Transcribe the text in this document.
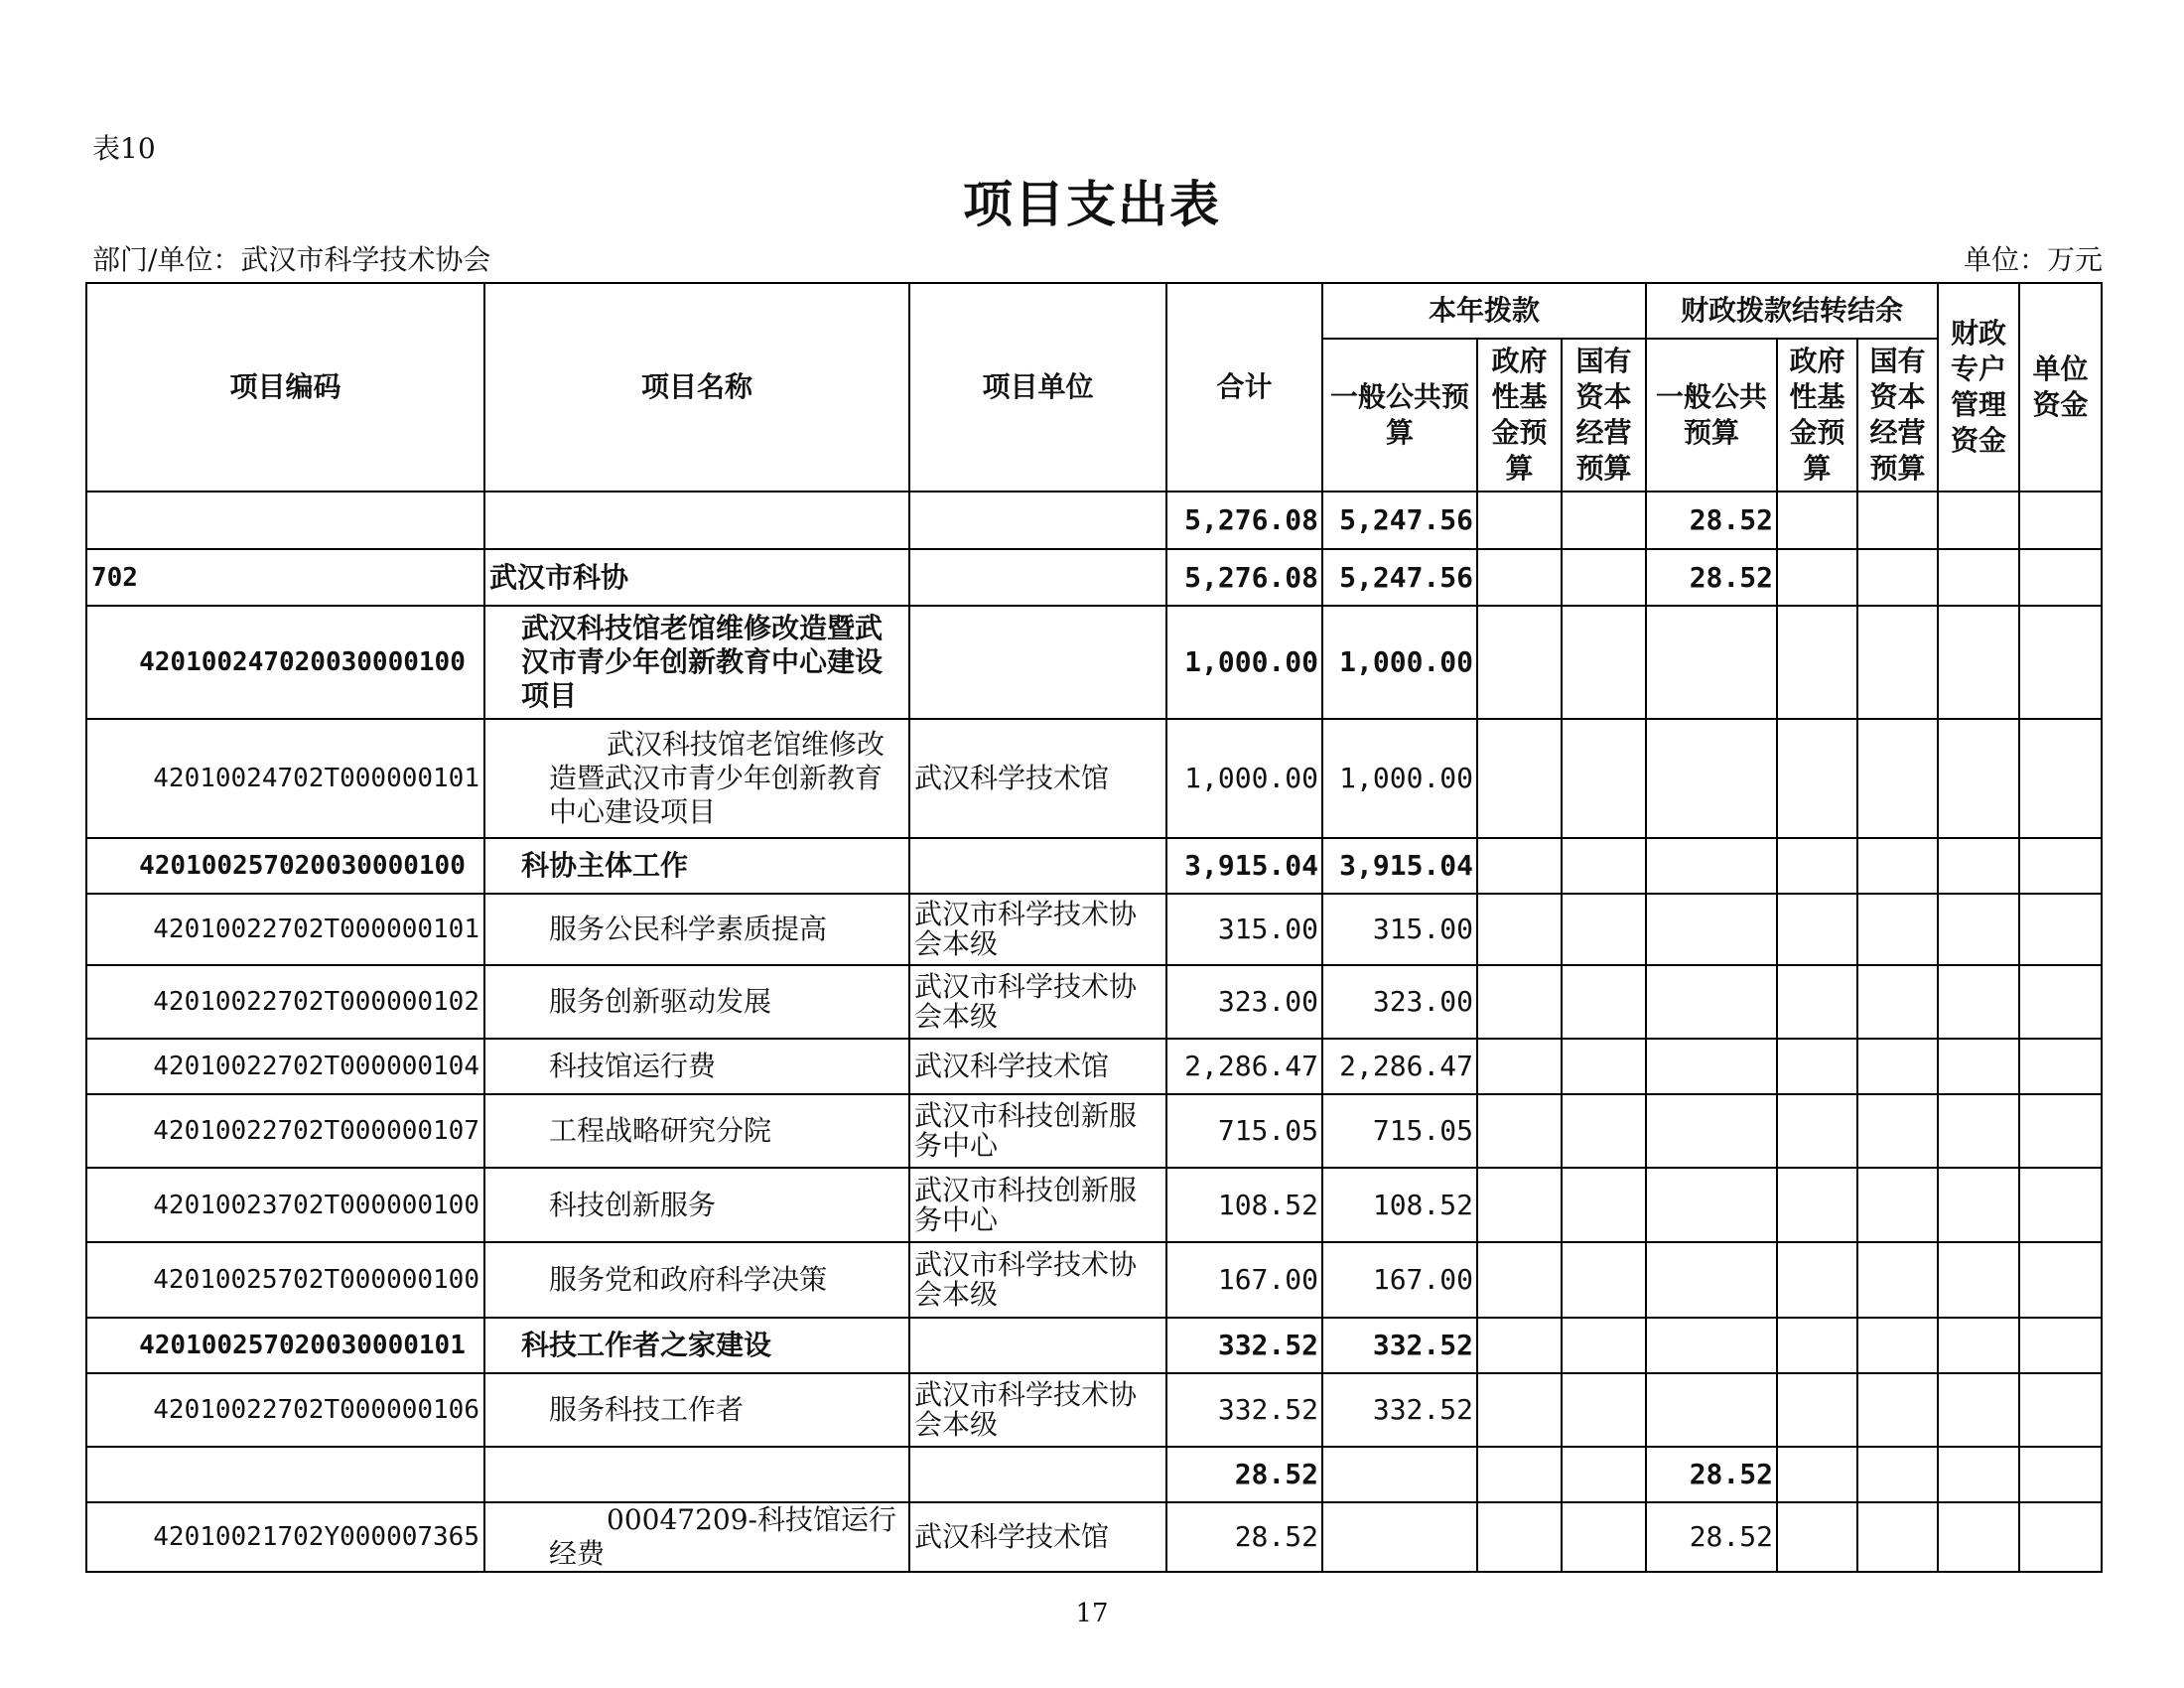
表10
项目支出表
部门/单位：武汉市科学技术协会	单位：万元
项目编码	项目名称	项目单位	合计	本年拨款			财政拨款结转结余			财政专户管理资金	单位资金
				一般公共预算	政府性基金预算	国有资本经营预算	一般公共预算	政府性基金预算	国有资本经营预算		
			5,276.08	5,247.56			28.52				
702	武汉市科协		5,276.08	5,247.56			28.52				
420100247020030000100	武汉科技馆老馆维修改造暨武汉市青少年创新教育中心建设项目		1,000.00	1,000.00							
42010024702T000000101	武汉科技馆老馆维修改造暨武汉市青少年创新教育中心建设项目	武汉科学技术馆	1,000.00	1,000.00							
420100257020030000100	科协主体工作		3,915.04	3,915.04							
42010022702T000000101	服务公民科学素质提高	武汉市科学技术协会本级	315.00	315.00							
42010022702T000000102	服务创新驱动发展	武汉市科学技术协会本级	323.00	323.00							
42010022702T000000104	科技馆运行费	武汉科学技术馆	2,286.47	2,286.47							
42010022702T000000107	工程战略研究分院	武汉市科技创新服务中心	715.05	715.05							
42010023702T000000100	科技创新服务	武汉市科技创新服务中心	108.52	108.52							
42010025702T000000100	服务党和政府科学决策	武汉市科学技术协会本级	167.00	167.00							
420100257020030000101	科技工作者之家建设		332.52	332.52							
42010022702T000000106	服务科技工作者	武汉市科学技术协会本级	332.52	332.52							
			28.52				28.52				
42010021702Y000007365	00047209-科技馆运行经费	武汉科学技术馆	28.52				28.52				
17
